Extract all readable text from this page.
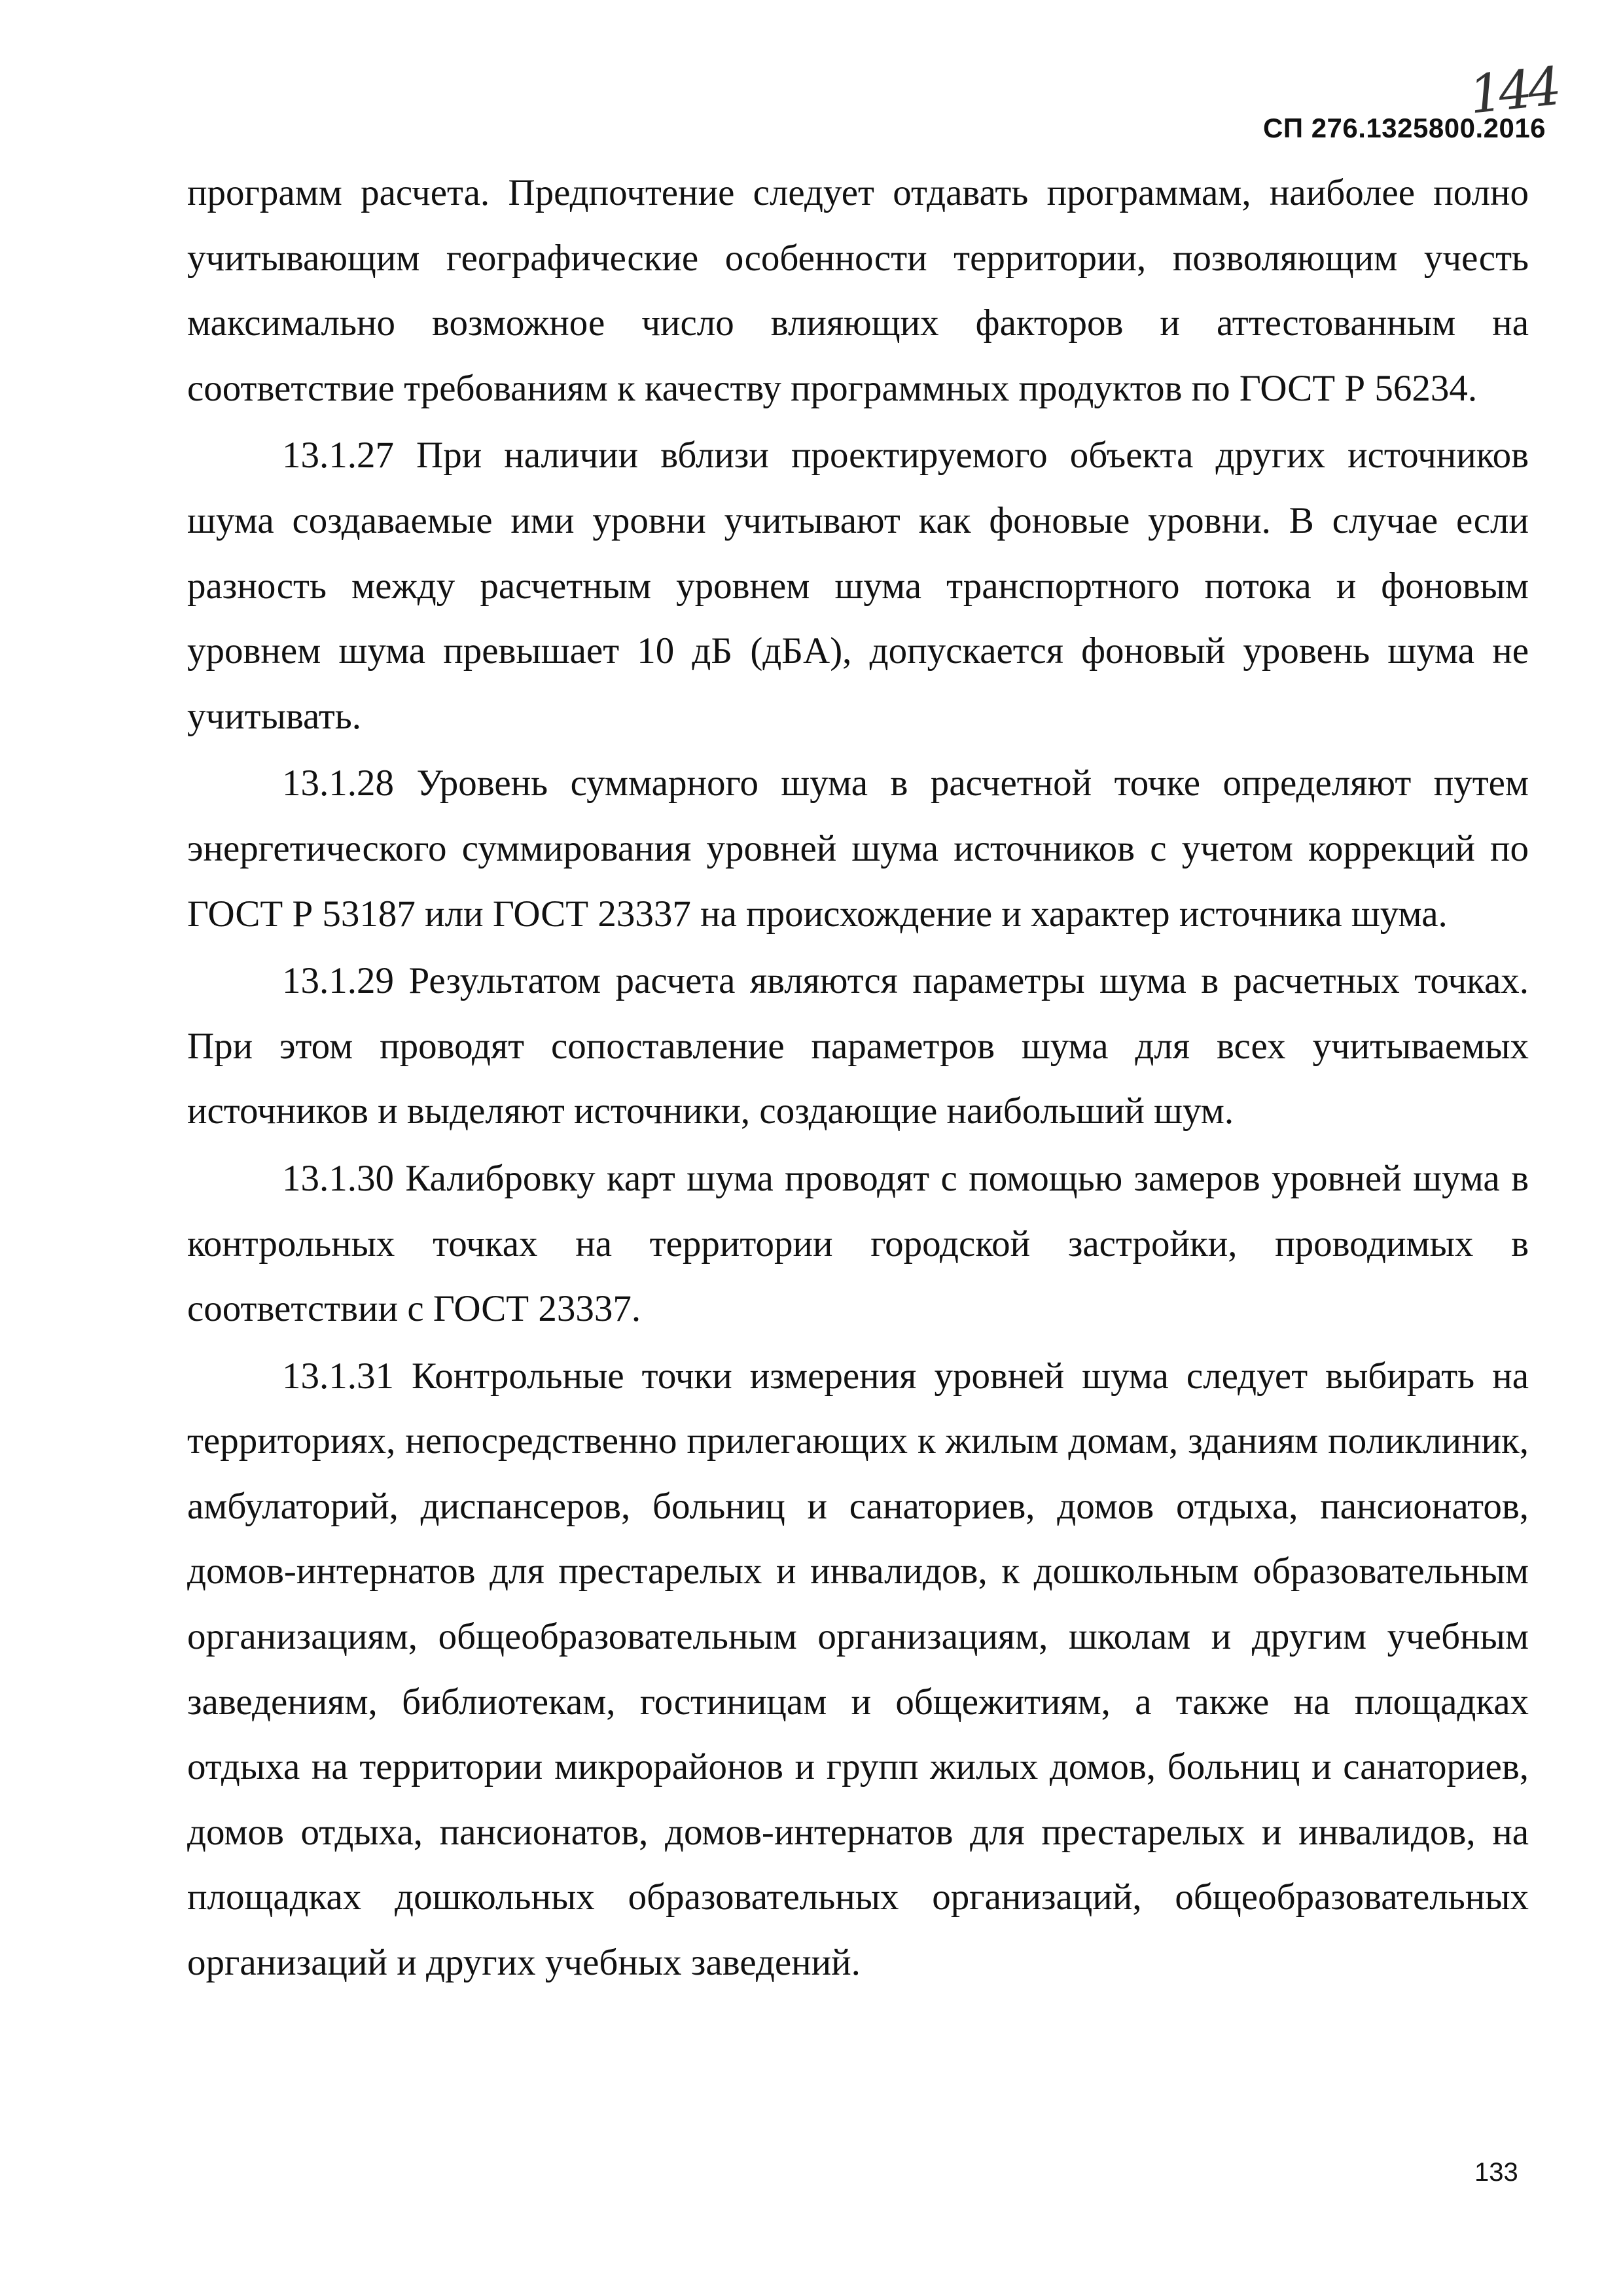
144
СП 276.1325800.2016

программ расчета. Предпочтение следует отдавать программам, наиболее полно учитывающим географические особенности территории, позволяющим учесть максимально возможное число влияющих факторов и аттестованным на соответствие требованиям к качеству программных продуктов по ГОСТ Р 56234.

13.1.27 При наличии вблизи проектируемого объекта других источников шума создаваемые ими уровни учитывают как фоновые уровни. В случае если разность между расчетным уровнем шума транспортного потока и фоновым уровнем шума превышает 10 дБ (дБA), допускается фоновый уровень шума не учитывать.

13.1.28 Уровень суммарного шума в расчетной точке определяют путем энергетического суммирования уровней шума источников с учетом коррекций по ГОСТ Р 53187 или ГОСТ 23337 на происхождение и характер источника шума.

13.1.29 Результатом расчета являются параметры шума в расчетных точках. При этом проводят сопоставление параметров шума для всех учитываемых источников и выделяют источники, создающие наибольший шум.

13.1.30 Калибровку карт шума проводят с помощью замеров уровней шума в контрольных точках на территории городской застройки, проводимых в соответствии с ГОСТ 23337.

13.1.31 Контрольные точки измерения уровней шума следует выбирать на территориях, непосредственно прилегающих к жилым домам, зданиям поликлиник, амбулаторий, диспансеров, больниц и санаториев, домов отдыха, пансионатов, домов-интернатов для престарелых и инвалидов, к дошкольным образовательным организациям, общеобразовательным организациям, школам и другим учебным заведениям, библиотекам, гостиницам и общежитиям, а также на площадках отдыха на территории микрорайонов и групп жилых домов, больниц и санаториев, домов отдыха, пансионатов, домов-интернатов для престарелых и инвалидов, на площадках дошкольных образовательных организаций, общеобразовательных организаций и других учебных заведений.

133
